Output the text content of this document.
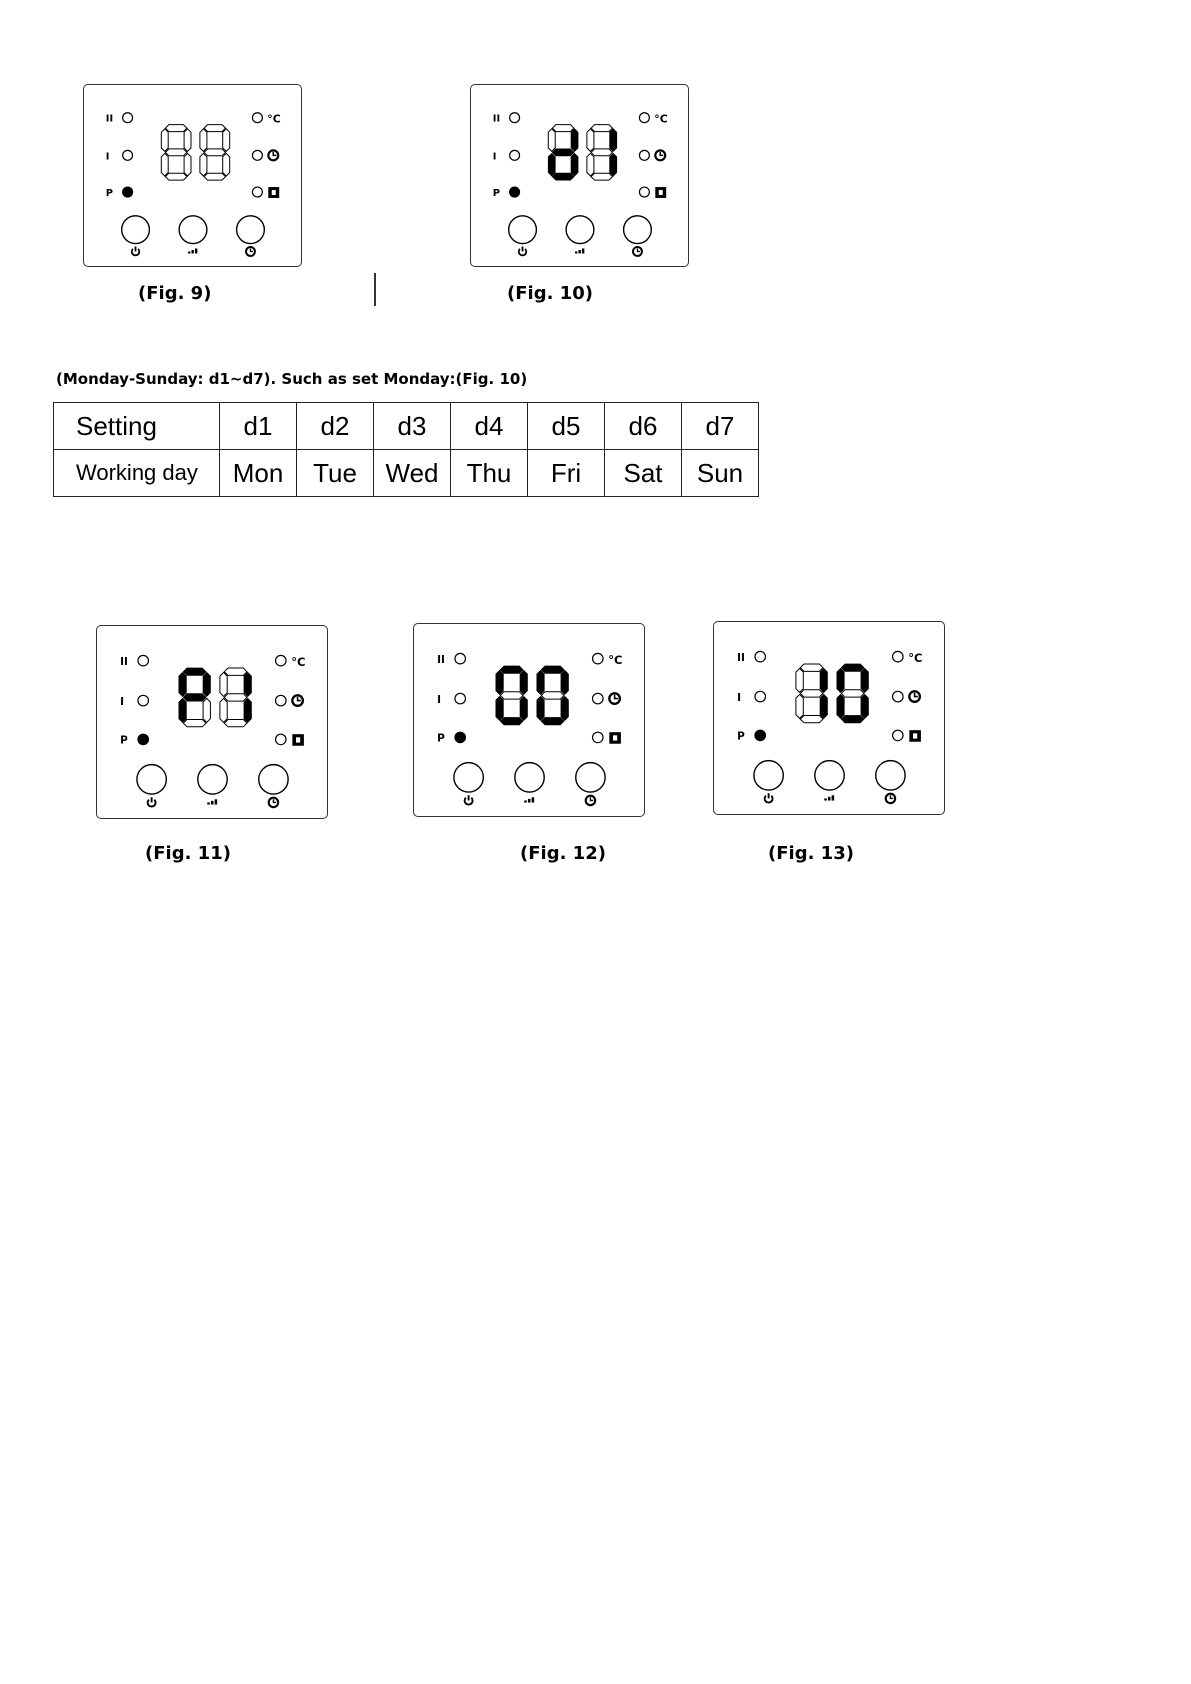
II
I
P
°C	II
I
P
°C
II
I
P
°C	II
I
P
°C	II
I
P
°C
(Fig. 9)	(Fig. 10)
(Fig. 11)	(Fig. 12)	(Fig. 13)
(Monday-Sunday: d1~d7). Such as set Monday:(Fig. 10)
Setting	d1	d2	d3	d4	d5	d6	d7
Working day	Mon	Tue	Wed	Thu	Fri	Sat	Sun
